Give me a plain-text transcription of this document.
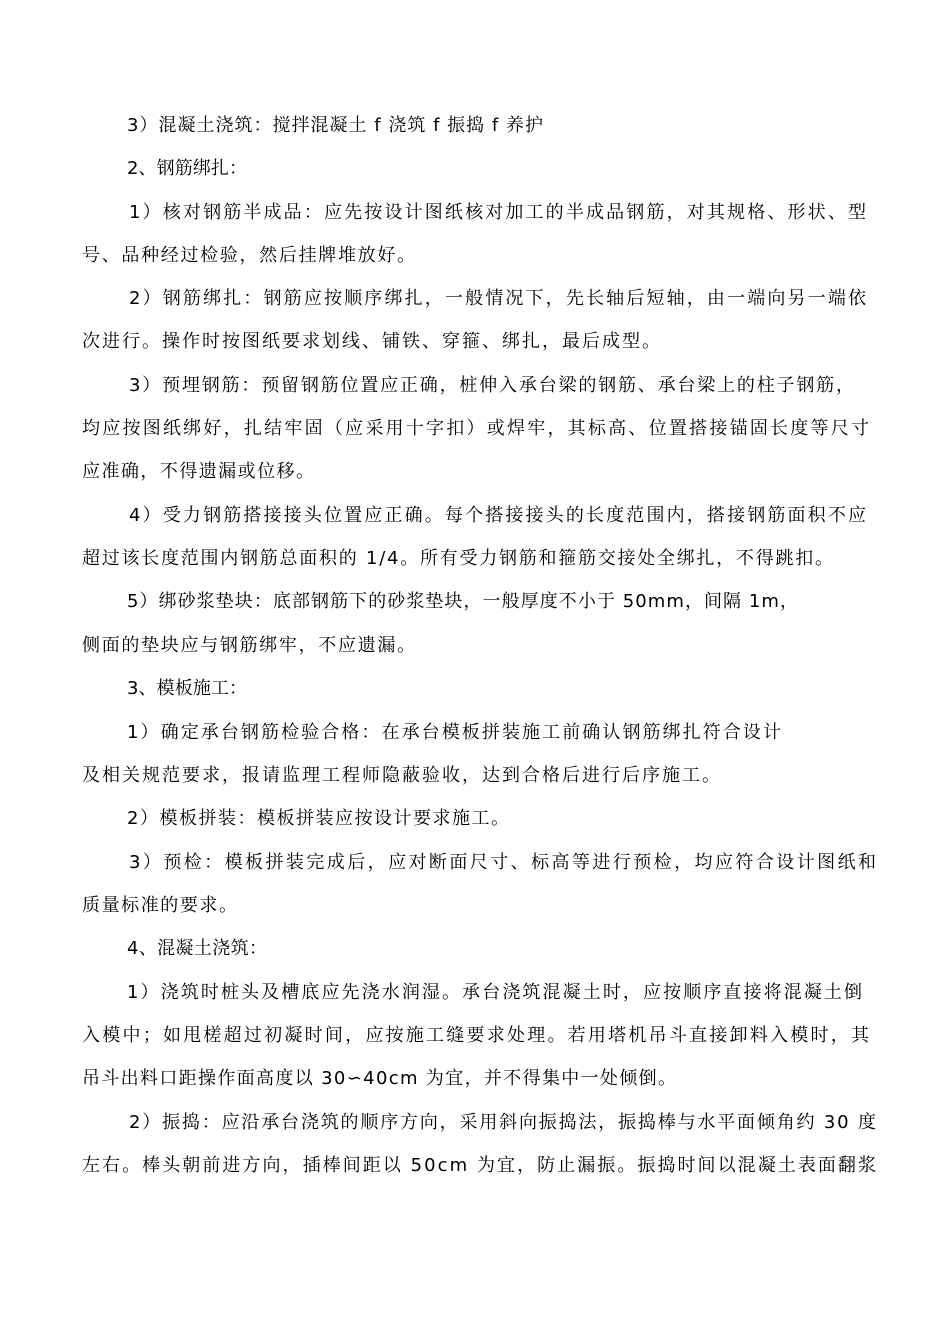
3）混凝土浇筑：搅拌混凝土 f 浇筑 f 振捣 f 养护
2、钢筋绑扎：
1）核对钢筋半成品：应先按设计图纸核对加工的半成品钢筋，对其规格、形状、型
号、品种经过检验，然后挂牌堆放好。
2）钢筋绑扎：钢筋应按顺序绑扎，一般情况下，先长轴后短轴，由一端向另一端依
次进行。操作时按图纸要求划线、铺铁、穿箍、绑扎，最后成型。
3）预埋钢筋：预留钢筋位置应正确，桩伸入承台梁的钢筋、承台梁上的柱子钢筋，
均应按图纸绑好，扎结牢固（应采用十字扣）或焊牢，其标高、位置搭接锚固长度等尺寸
应准确，不得遗漏或位移。
4）受力钢筋搭接接头位置应正确。每个搭接接头的长度范围内，搭接钢筋面积不应
超过该长度范围内钢筋总面积的 1/4。所有受力钢筋和箍筋交接处全绑扎，不得跳扣。
5）绑砂浆垫块：底部钢筋下的砂浆垫块，一般厚度不小于 50mm，间隔 1m，
侧面的垫块应与钢筋绑牢，不应遗漏。
3、模板施工：
1）确定承台钢筋检验合格：在承台模板拼装施工前确认钢筋绑扎符合设计
及相关规范要求，报请监理工程师隐蔽验收，达到合格后进行后序施工。
2）模板拼装：模板拼装应按设计要求施工。
3）预检：模板拼装完成后，应对断面尺寸、标高等进行预检，均应符合设计图纸和
质量标准的要求。
4、混凝土浇筑：
1）浇筑时桩头及槽底应先浇水润湿。承台浇筑混凝土时，应按顺序直接将混凝土倒
入模中；如甩槎超过初凝时间，应按施工缝要求处理。若用塔机吊斗直接卸料入模时，其
吊斗出料口距操作面高度以 30∽40cm 为宜，并不得集中一处倾倒。
2）振捣：应沿承台浇筑的顺序方向，采用斜向振捣法，振捣棒与水平面倾角约 30 度
左右。棒头朝前进方向，插棒间距以 50cm 为宜，防止漏振。振捣时间以混凝土表面翻浆
